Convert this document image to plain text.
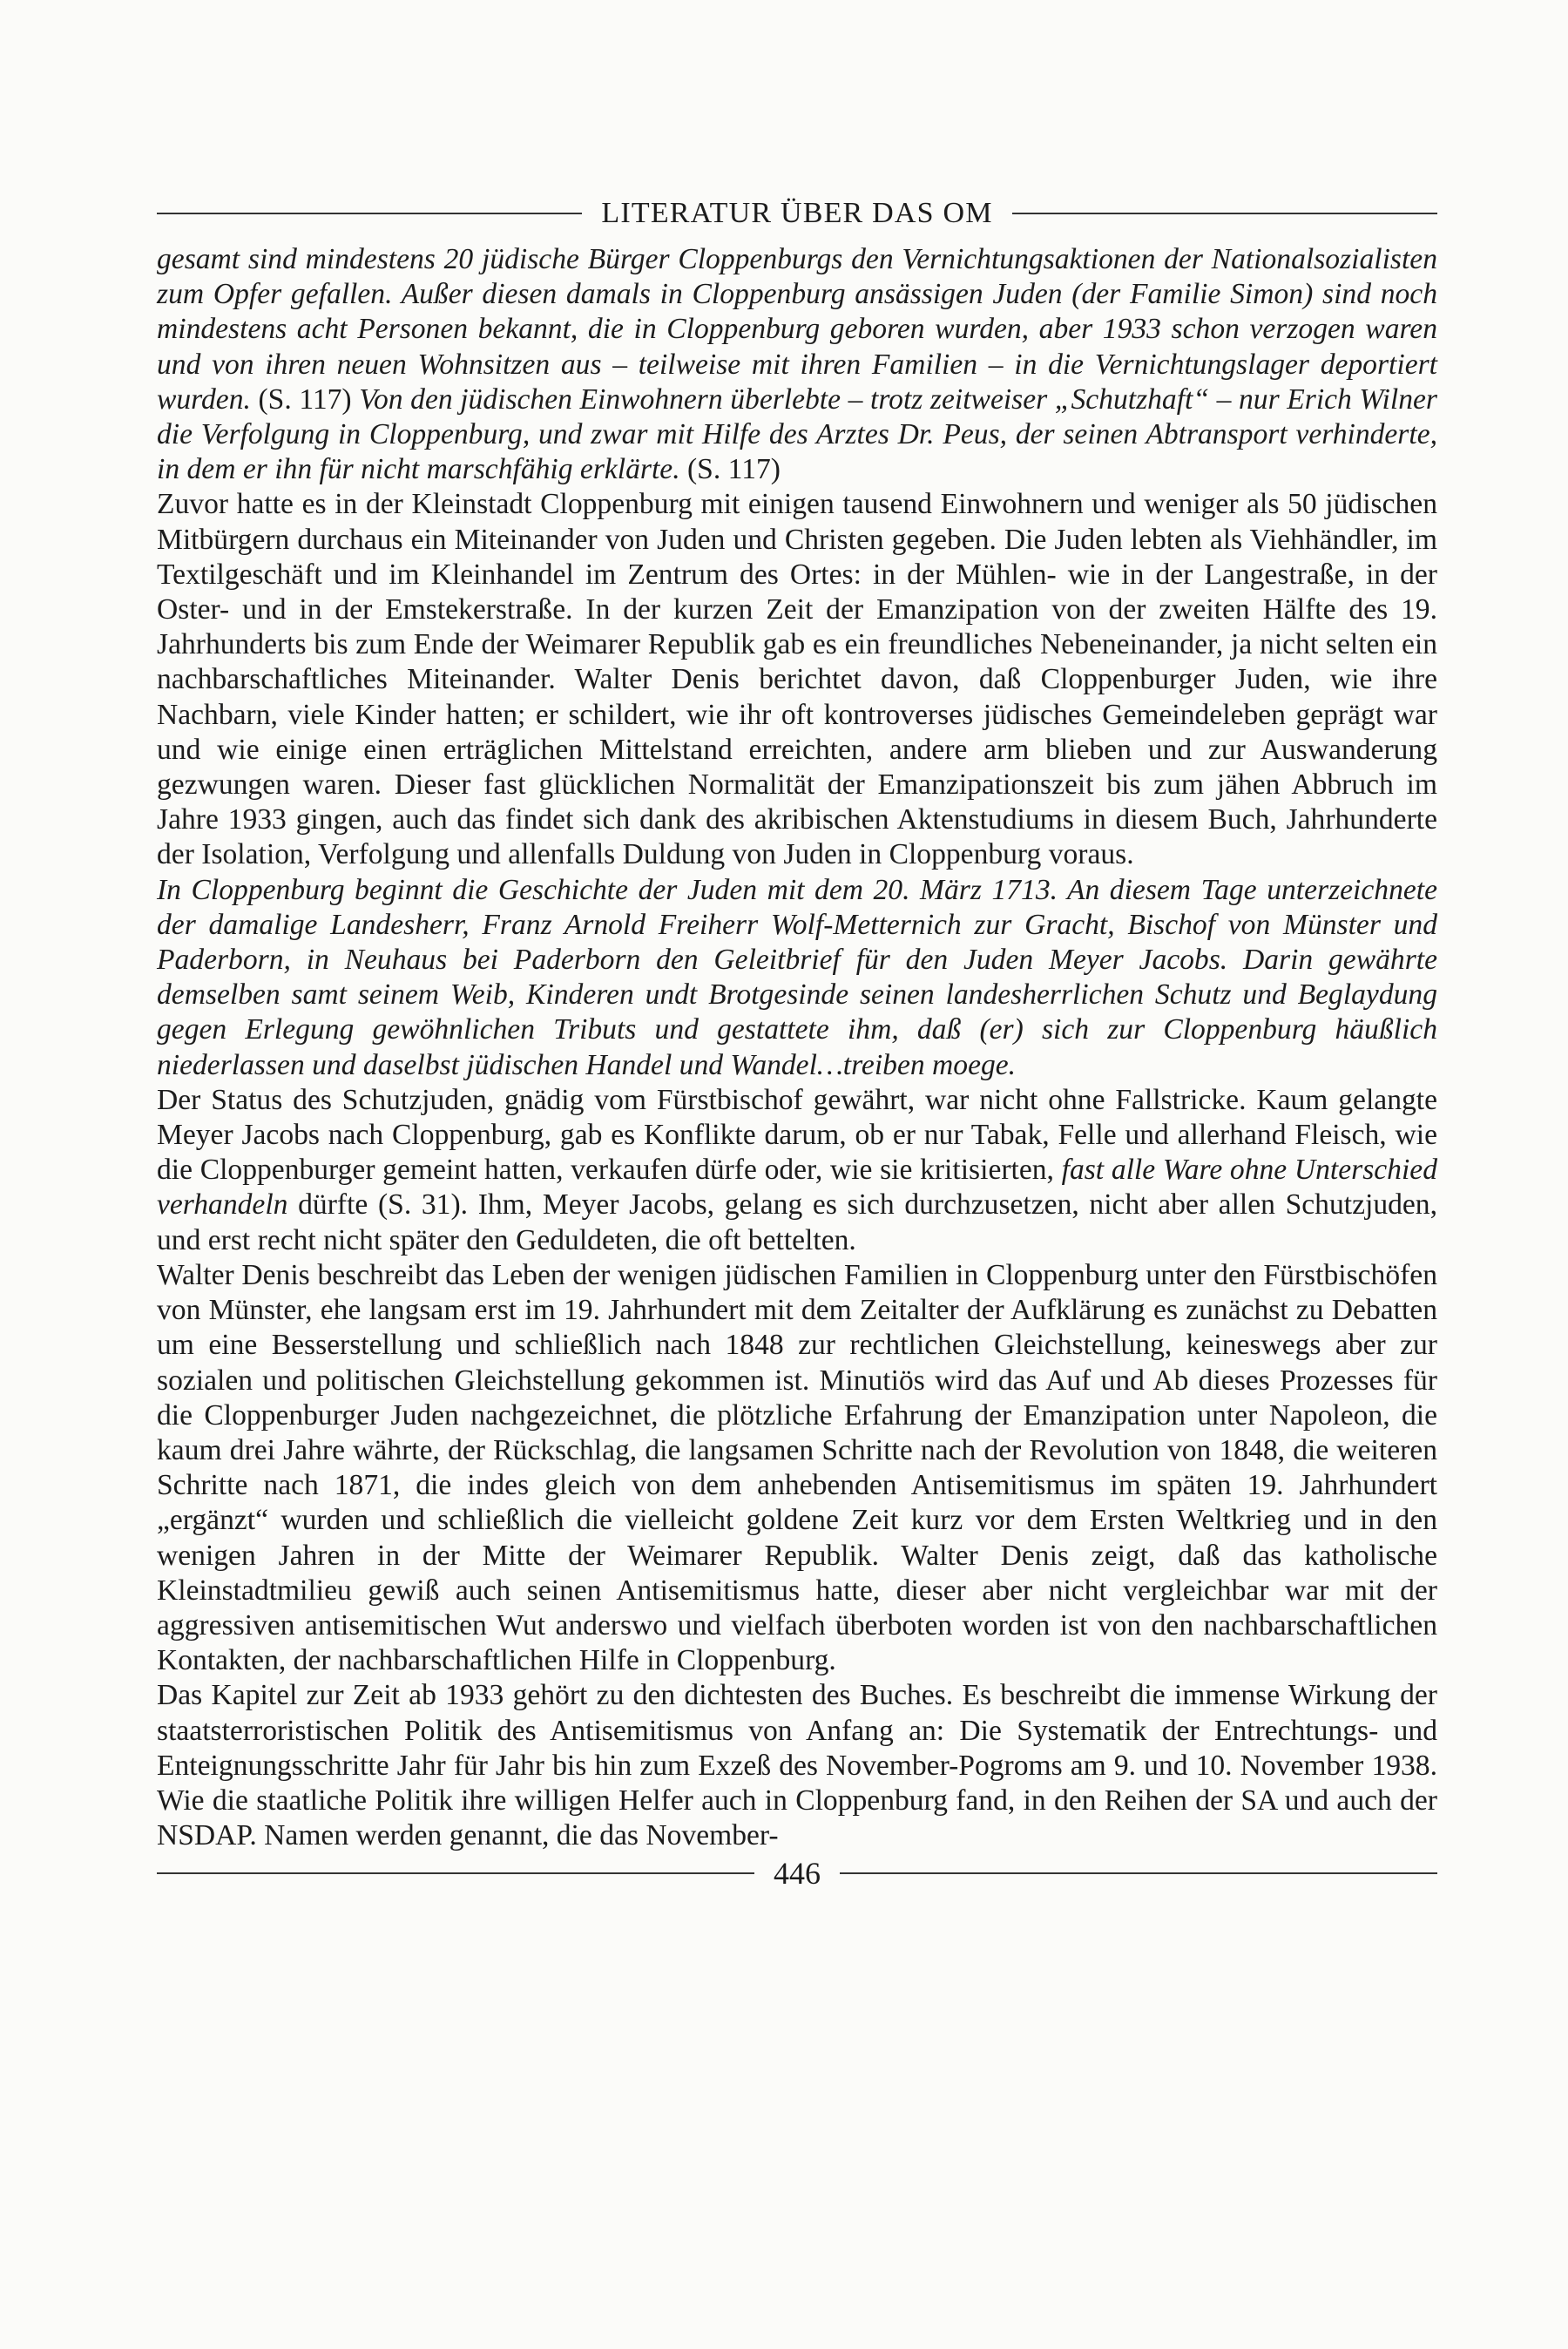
LITERATUR ÜBER DAS OM

gesamt sind mindestens 20 jüdische Bürger Cloppenburgs den Vernichtungsaktionen der Nationalsozialisten zum Opfer gefallen. Außer diesen damals in Cloppenburg ansässigen Juden (der Familie Simon) sind noch mindestens acht Personen bekannt, die in Cloppenburg geboren wurden, aber 1933 schon verzogen waren und von ihren neuen Wohnsitzen aus – teilweise mit ihren Familien – in die Vernichtungslager deportiert wurden. (S. 117) Von den jüdischen Einwohnern überlebte – trotz zeitweiser „Schutzhaft“ – nur Erich Wilner die Verfolgung in Cloppenburg, und zwar mit Hilfe des Arztes Dr. Peus, der seinen Abtransport verhinderte, in dem er ihn für nicht marschfähig erklärte. (S. 117)

Zuvor hatte es in der Kleinstadt Cloppenburg mit einigen tausend Einwohnern und weniger als 50 jüdischen Mitbürgern durchaus ein Miteinander von Juden und Christen gegeben. Die Juden lebten als Viehhändler, im Textilgeschäft und im Kleinhandel im Zentrum des Ortes: in der Mühlen- wie in der Langestraße, in der Oster- und in der Emstekerstraße. In der kurzen Zeit der Emanzipation von der zweiten Hälfte des 19. Jahrhunderts bis zum Ende der Weimarer Republik gab es ein freundliches Nebeneinander, ja nicht selten ein nachbarschaftliches Miteinander. Walter Denis berichtet davon, daß Cloppenburger Juden, wie ihre Nachbarn, viele Kinder hatten; er schildert, wie ihr oft kontroverses jüdisches Gemeindeleben geprägt war und wie einige einen erträglichen Mittelstand erreichten, andere arm blieben und zur Auswanderung gezwungen waren. Dieser fast glücklichen Normalität der Emanzipationszeit bis zum jähen Abbruch im Jahre 1933 gingen, auch das findet sich dank des akribischen Aktenstudiums in diesem Buch, Jahrhunderte der Isolation, Verfolgung und allenfalls Duldung von Juden in Cloppenburg voraus.

In Cloppenburg beginnt die Geschichte der Juden mit dem 20. März 1713. An diesem Tage unterzeichnete der damalige Landesherr, Franz Arnold Freiherr Wolf-Metternich zur Gracht, Bischof von Münster und Paderborn, in Neuhaus bei Paderborn den Geleitbrief für den Juden Meyer Jacobs. Darin gewährte demselben samt seinem Weib, Kinderen undt Brotgesinde seinen landesherrlichen Schutz und Beglaydung gegen Erlegung gewöhnlichen Tributs und gestattete ihm, daß (er) sich zur Cloppenburg häußlich niederlassen und daselbst jüdischen Handel und Wandel…treiben moege.

Der Status des Schutzjuden, gnädig vom Fürstbischof gewährt, war nicht ohne Fallstricke. Kaum gelangte Meyer Jacobs nach Cloppenburg, gab es Konflikte darum, ob er nur Tabak, Felle und allerhand Fleisch, wie die Cloppenburger gemeint hatten, verkaufen dürfe oder, wie sie kritisierten, fast alle Ware ohne Unterschied verhandeln dürfte (S. 31). Ihm, Meyer Jacobs, gelang es sich durchzusetzen, nicht aber allen Schutzjuden, und erst recht nicht später den Geduldeten, die oft bettelten.

Walter Denis beschreibt das Leben der wenigen jüdischen Familien in Cloppenburg unter den Fürstbischöfen von Münster, ehe langsam erst im 19. Jahrhundert mit dem Zeitalter der Aufklärung es zunächst zu Debatten um eine Besserstellung und schließlich nach 1848 zur rechtlichen Gleichstellung, keineswegs aber zur sozialen und politischen Gleichstellung gekommen ist. Minutiös wird das Auf und Ab dieses Prozesses für die Cloppenburger Juden nachgezeichnet, die plötzliche Erfahrung der Emanzipation unter Napoleon, die kaum drei Jahre währte, der Rückschlag, die langsamen Schritte nach der Revolution von 1848, die weiteren Schritte nach 1871, die indes gleich von dem anhebenden Antisemitismus im späten 19. Jahrhundert „ergänzt“ wurden und schließlich die vielleicht goldene Zeit kurz vor dem Ersten Weltkrieg und in den wenigen Jahren in der Mitte der Weimarer Republik. Walter Denis zeigt, daß das katholische Kleinstadtmilieu gewiß auch seinen Antisemitismus hatte, dieser aber nicht vergleichbar war mit der aggressiven antisemitischen Wut anderswo und vielfach überboten worden ist von den nachbarschaftlichen Kontakten, der nachbarschaftlichen Hilfe in Cloppenburg.

Das Kapitel zur Zeit ab 1933 gehört zu den dichtesten des Buches. Es beschreibt die immense Wirkung der staatsterroristischen Politik des Antisemitismus von Anfang an: Die Systematik der Entrechtungs- und Enteignungsschritte Jahr für Jahr bis hin zum Exzeß des November-Pogroms am 9. und 10. November 1938. Wie die staatliche Politik ihre willigen Helfer auch in Cloppenburg fand, in den Reihen der SA und auch der NSDAP. Namen werden genannt, die das November-

446
